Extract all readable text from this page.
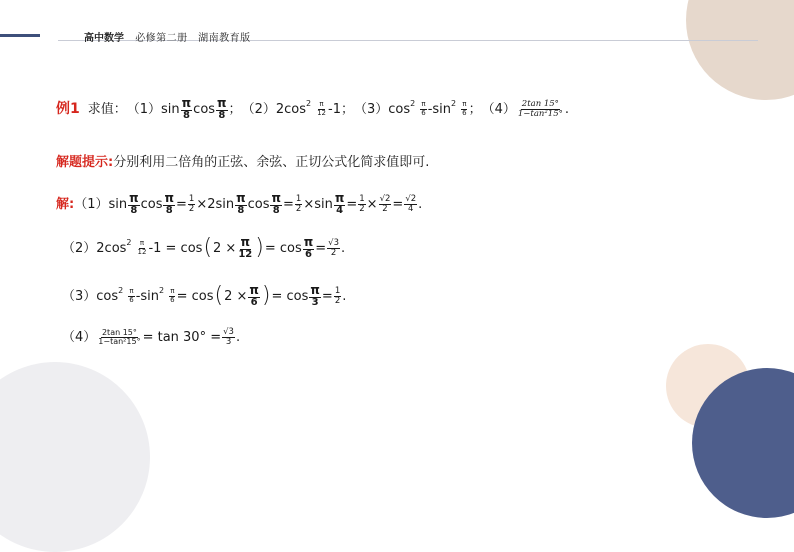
高中数学 必修第二册　湖南教育版
例1 求值： $(1)\sin \frac{\pi}{8}$ $\cos \frac{\pi}{8}$ ； （2）2cos $2 \frac{\pi}{12} -1$ ； （3）cos $2 \frac{\pi}{6} -\sin$ $2 \frac{\pi}{6}$ ； $(4) \frac{2\tan 15^\circ}{\text{1−tan²15°}}$ .
解题提示: 分别利用二倍角的正弦、余弦、正切公式化简求值即可.
解: $(1)\sin \frac{\pi}{8}$ $\cos \frac{\pi}{8} = \frac{1}{2} \times 2\sin \frac{\pi}{8}$ $\cos \frac{\pi}{8} = \frac{1}{2} \times \sin \frac{\pi}{4} = \frac{1}{2} \times \frac{√2}{2} = \frac{√2}{4}$ .
（2）2cos $2 \frac{\pi}{12} -1 = \cos$ ( $2 \times \frac{\pi}{12}$ ) = $\cos \frac{\pi}{6} = \frac{√3}{2}$ .
（3）cos $2 \frac{\pi}{6} -\sin$ $2 \frac{\pi}{6} = \cos$ ( $2 \times \frac{\pi}{6}$ ) = $\cos \frac{\pi}{3} = \frac{1}{2}$ .
$(4) \frac{2\tan 15^\circ}{\text{1−tan²15°}} = \tan 30^\circ = \frac{√3}{3}$ .
